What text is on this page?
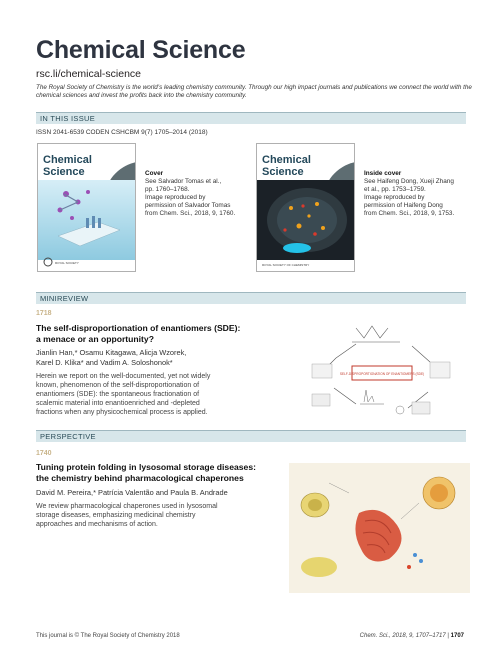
Chemical Science
rsc.li/chemical-science
The Royal Society of Chemistry is the world’s leading chemistry community. Through our high impact journals and publications we connect the world with the chemical sciences and invest the profits back into the chemistry community.
IN THIS ISSUE
ISSN 2041-6539 CODEN CSHCBM 9(7) 1705–2014 (2018)
Chemical
Science
ROYAL SOCIETY
Cover
See Salvador Tomas et al.,
pp. 1760–1768.
Image reproduced by
permission of Salvador Tomas
from Chem. Sci., 2018, 9, 1760.
Chemical
Science
ROYAL SOCIETY OF CHEMISTRY
Inside cover
See Haifeng Dong, Xueji Zhang
et al., pp. 1753–1759.
Image reproduced by
permission of Haifeng Dong
from Chem. Sci., 2018, 9, 1753.
MINIREVIEW
1718
The self-disproportionation of enantiomers (SDE):
a menace or an opportunity?
Jianlin Han,* Osamu Kitagawa, Alicja Wzorek,
Karel D. Klika* and Vadim A. Soloshonok*
Herein we report on the well-documented, yet not widely
known, phenomenon of the self-disproportionation of
enantiomers (SDE): the spontaneous fractionation of
scalemic material into enantioenriched and -depleted
fractions when any physicochemical process is applied.
SELF-DISPROPORTIONATION OF ENANTIOMERS (SDE)
PERSPECTIVE
1740
Tuning protein folding in lysosomal storage diseases:
the chemistry behind pharmacological chaperones
David M. Pereira,* Patrícia Valentão and Paula B. Andrade
We review pharmacological chaperones used in lysosomal
storage diseases, emphasizing medicinal chemistry
approaches and mechanisms of action.
This journal is © The Royal Society of Chemistry 2018	Chem. Sci., 2018, 9, 1707–1717 | 1707
